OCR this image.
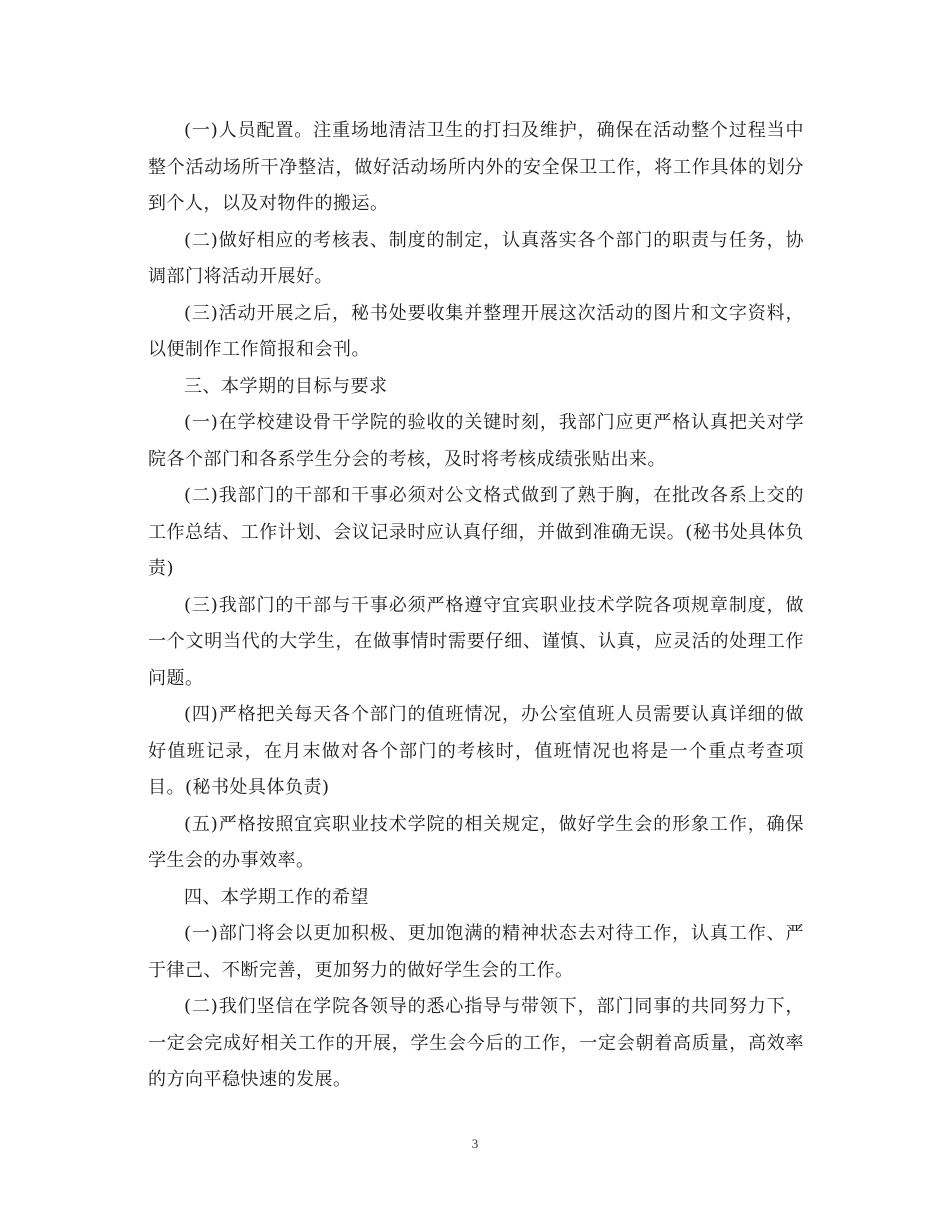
(一)人员配置。注重场地清洁卫生的打扫及维护，确保在活动整个过程当中整个活动场所干净整洁，做好活动场所内外的安全保卫工作，将工作具体的划分到个人，以及对物件的搬运。

(二)做好相应的考核表、制度的制定，认真落实各个部门的职责与任务，协调部门将活动开展好。

(三)活动开展之后，秘书处要收集并整理开展这次活动的图片和文字资料，以便制作工作简报和会刊。

三、本学期的目标与要求

(一)在学校建设骨干学院的验收的关键时刻，我部门应更严格认真把关对学院各个部门和各系学生分会的考核，及时将考核成绩张贴出来。

(二)我部门的干部和干事必须对公文格式做到了熟于胸，在批改各系上交的工作总结、工作计划、会议记录时应认真仔细，并做到准确无误。(秘书处具体负责)

(三)我部门的干部与干事必须严格遵守宜宾职业技术学院各项规章制度，做一个文明当代的大学生，在做事情时需要仔细、谨慎、认真，应灵活的处理工作问题。

(四)严格把关每天各个部门的值班情况，办公室值班人员需要认真详细的做好值班记录，在月末做对各个部门的考核时，值班情况也将是一个重点考查项目。(秘书处具体负责)

(五)严格按照宜宾职业技术学院的相关规定，做好学生会的形象工作，确保学生会的办事效率。

四、本学期工作的希望

(一)部门将会以更加积极、更加饱满的精神状态去对待工作，认真工作、严于律己、不断完善，更加努力的做好学生会的工作。

(二)我们坚信在学院各领导的悉心指导与带领下，部门同事的共同努力下，一定会完成好相关工作的开展，学生会今后的工作，一定会朝着高质量，高效率的方向平稳快速的发展。

3
